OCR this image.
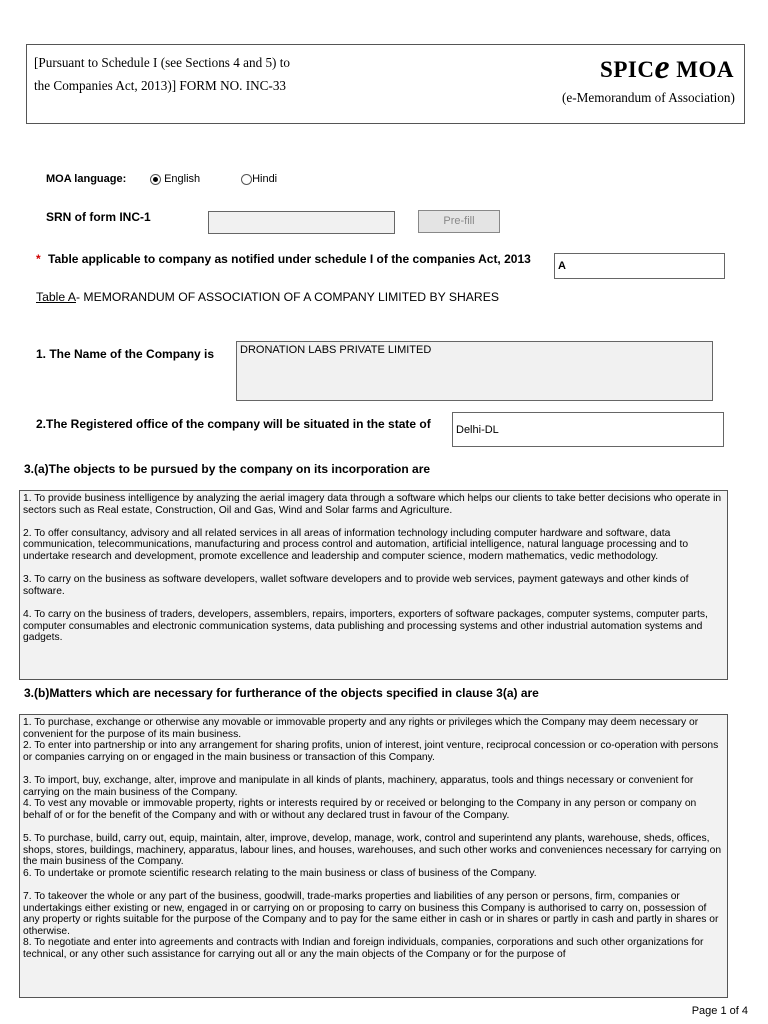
[Pursuant to Schedule I (see Sections 4 and 5) to
the Companies Act, 2013)] FORM NO. INC-33
SPICe MOA
(e-Memorandum of Association)
MOA language:	English	Hindi
SRN of form INC-1	Pre-fill
* Table applicable to company as notified under schedule I of the companies Act, 2013	A
Table A- MEMORANDUM OF ASSOCIATION OF A COMPANY LIMITED BY SHARES
1. The Name of the Company is	DRONATION LABS PRIVATE LIMITED
2.The Registered office of the company will be situated in the state of	Delhi-DL
3.(a)The objects to be pursued by the company on its incorporation are

1. To provide business intelligence by analyzing the aerial imagery data through a software which helps our clients to take better decisions who operate in sectors such as Real estate, Construction, Oil and Gas, Wind and Solar farms and Agriculture.

2. To offer consultancy, advisory and all related services in all areas of information technology including computer hardware and software, data communication, telecommunications, manufacturing and process control and automation, artificial intelligence, natural language processing and to undertake research and development, promote excellence and leadership and computer science, modern mathematics, vedic methodology.

3. To carry on the business as software developers, wallet software developers and to provide web services, payment gateways and other kinds of software.

4. To carry on the business of traders, developers, assemblers, repairs, importers, exporters of software packages, computer systems, computer parts, computer consumables and electronic communication systems, data publishing and processing systems and other industrial automation systems and gadgets.

3.(b)Matters which are necessary for furtherance of the objects specified in clause 3(a) are

1. To purchase, exchange or otherwise any movable or immovable property and any rights or privileges which the Company may deem necessary or convenient for the purpose of its main business.

2. To enter into partnership or into any arrangement for sharing profits, union of interest, joint venture, reciprocal concession or co-operation with persons or companies carrying on or engaged in the main business or transaction of this Company.

3. To import, buy, exchange, alter, improve and manipulate in all kinds of plants, machinery, apparatus, tools and things necessary or convenient for carrying on the main business of the Company.

4. To vest any movable or immovable property, rights or interests required by or received or belonging to the Company in any person or company on behalf of or for the benefit of the Company and with or without any declared trust in favour of the Company.

5. To purchase, build, carry out, equip, maintain, alter, improve, develop, manage, work, control and superintend any plants, warehouse, sheds, offices, shops, stores, buildings, machinery, apparatus, labour lines, and houses, warehouses, and such other works and conveniences necessary for carrying on the main business of the Company.

6. To undertake or promote scientific research relating to the main business or class of business of the Company.

7. To takeover the whole or any part of the business, goodwill, trade-marks properties and liabilities of any person or persons, firm, companies or undertakings either existing or new, engaged in or carrying on or proposing to carry on business this Company is authorised to carry on, possession of any property or rights suitable for the purpose of the Company and to pay for the same either in cash or in shares or partly in cash and partly in shares or otherwise.

8. To negotiate and enter into agreements and contracts with Indian and foreign individuals, companies, corporations and such other organizations for technical, or any other such assistance for carrying out all or any the main objects of the Company or for the purpose of

Page 1 of 4
